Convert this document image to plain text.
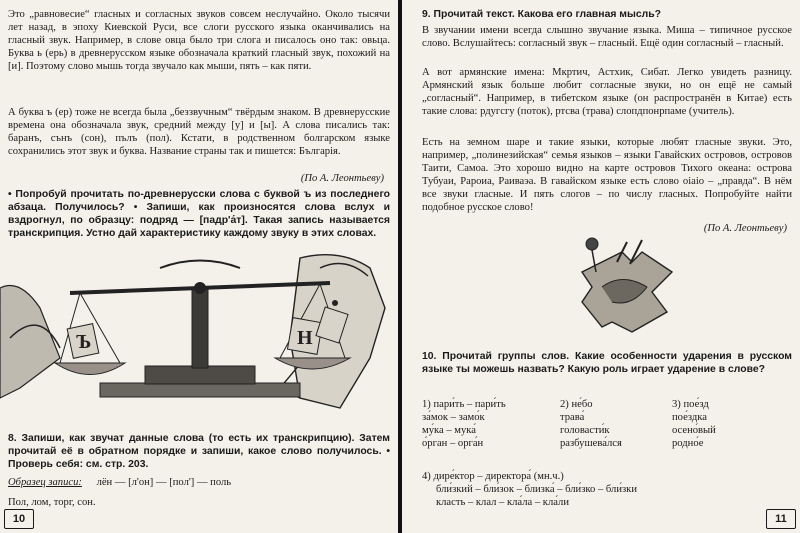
Это „равновесие“ гласных и согласных звуков совсем неслучайно. Около тысячи лет назад, в эпоху Киевской Руси, все слоги русского языка оканчивались на гласный звук. Например, в слове овца было три слога и писалось оно так: овьца. Буква ь (ерь) в древнерусском языке обозначала краткий гласный звук, похожий на [и]. Поэтому слово мышь тогда звучало как мыши, пять – как пяти.

А буква ъ (ер) тоже не всегда была „беззвучным“ твёрдым знаком. В древнерусские времена она обозначала звук, средний между [у] и [ы]. А слова писались так: баранъ, сънъ (сон), пълъ (пол). Кстати, в родственном болгарском языке сохранились этот звук и буква. Название страны так и пишется: Българія.

(По А. Леонтьеву)

• Попробуй прочитать по-древнерусски слова с буквой ъ из последнего абзаца. Получилось? • Запиши, как произносятся слова вслух и вздрогнул, по образцу: подряд — [падр'а́т]. Такая запись называется транскрипция. Устно дай характеристику каждому звуку в этих словах.

Ъ	Н

8. Запиши, как звучат данные слова (то есть их транскрипцию). Затем прочитай её в обратном порядке и запиши, какое слово получилось. • Проверь себя: см. стр. 203.

Образец записи: лён — [л'он] — [пол'] — поль

Пол, лом, торг, сон.

10

9. Прочитай текст. Какова его главная мысль?

В звучании имени всегда слышно звучание языка. Миша – типичное русское слово. Вслушайтесь: согласный звук – гласный. Ещё один согласный – гласный.

А вот армянские имена: Мкртич, Астхик, Сибат. Легко увидеть разницу. Армянский язык больше любит согласные звуки, но он ещё не самый „согласный“. Например, в тибетском языке (он распространён в Китае) есть такие слова: рдугсгу (поток), ртсва (трава) слопдпонрпаме (учитель).

Есть на земном шаре и такие языки, которые любят гласные звуки. Это, например, „полинезийская“ семья языков – языки Гавайских островов, островов Таити, Самоа. Это хорошо видно на карте островов Тихого океана: острова Тубуаи, Рароиа, Раиваэа. В гавайском языке есть слово оіаіо – „правда“. В нём все звуки гласные. И пять слогов – по числу гласных. Попробуйте найти подобное русское слово!

(По А. Леонтьеву)

10. Прочитай группы слов. Какие особенности ударения в русском языке ты можешь назвать? Какую роль играет ударение в слове?

1) пари́ть – пари́ть
за́мок – замо́к
му́ка – мука́
о́рган – орга́н
2) не́бо
трава́
головасти́к
разбушева́лся
3) пое́зд
пое́здка
осено́вый
родно́е
4) дире́ктор – директора́ (мн.ч.)
бли́зкий – бли́зок – близка́ – бли́зко – бли́зки
класть – клал – кла́ла – кла́ли
11
